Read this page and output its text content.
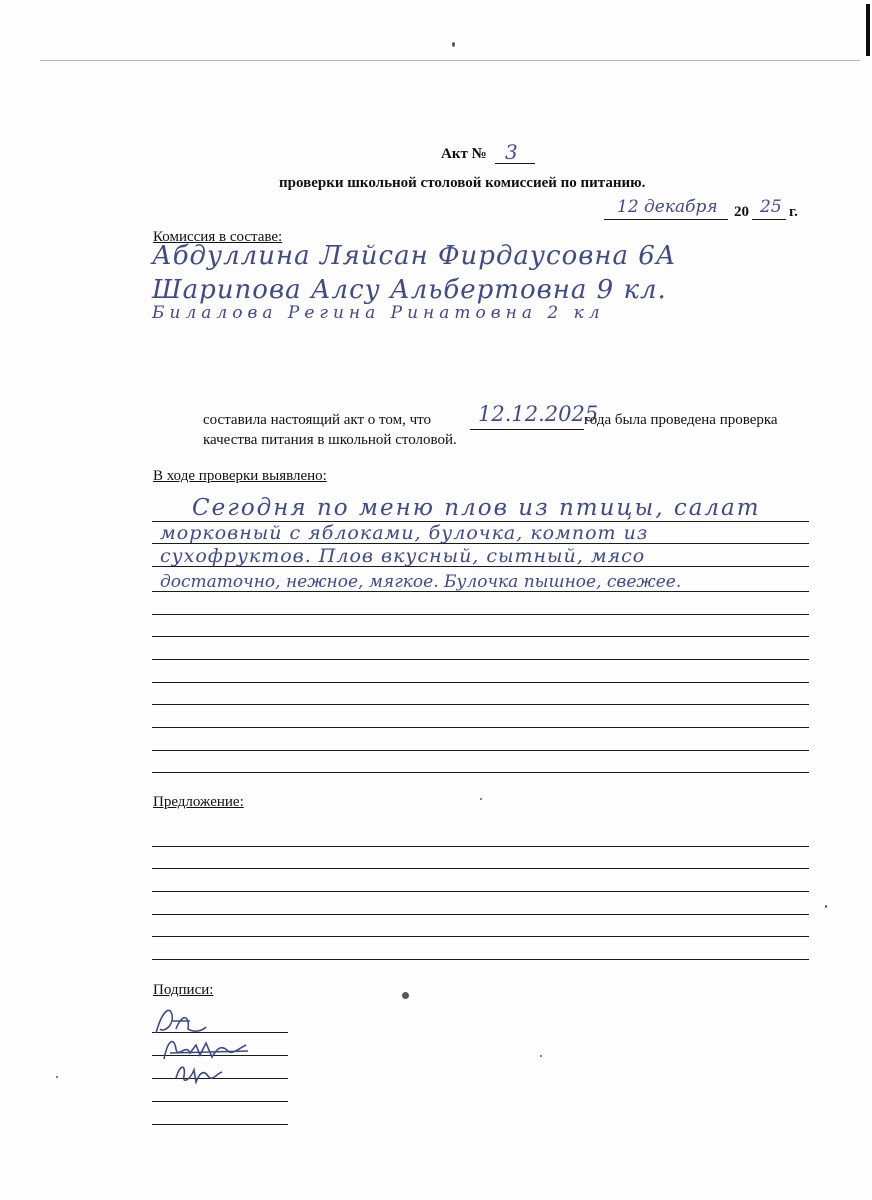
Акт № 3
проверки школьной столовой комиссией по питанию.
12 декабря 20 25 г.
Комиссия в составе:
Абдуллина Ляйсан Фирдаусовна 6А
Шарипова Алсу Альбертовна 9 кл.
Билалова Регина Ринатовна 2 кл
составила настоящий акт о том, что 12.12.2025
года была проведена проверка
качества питания в школьной столовой.
В ходе проверки выявлено:
Сегодня по меню плов из птицы, салат
морковный с яблоками, булочка, компот из
сухофруктов. Плов вкусный, сытный, мясо
достаточно, нежное, мягкое. Булочка пышное, свежее.
Предложение:
Подписи:
